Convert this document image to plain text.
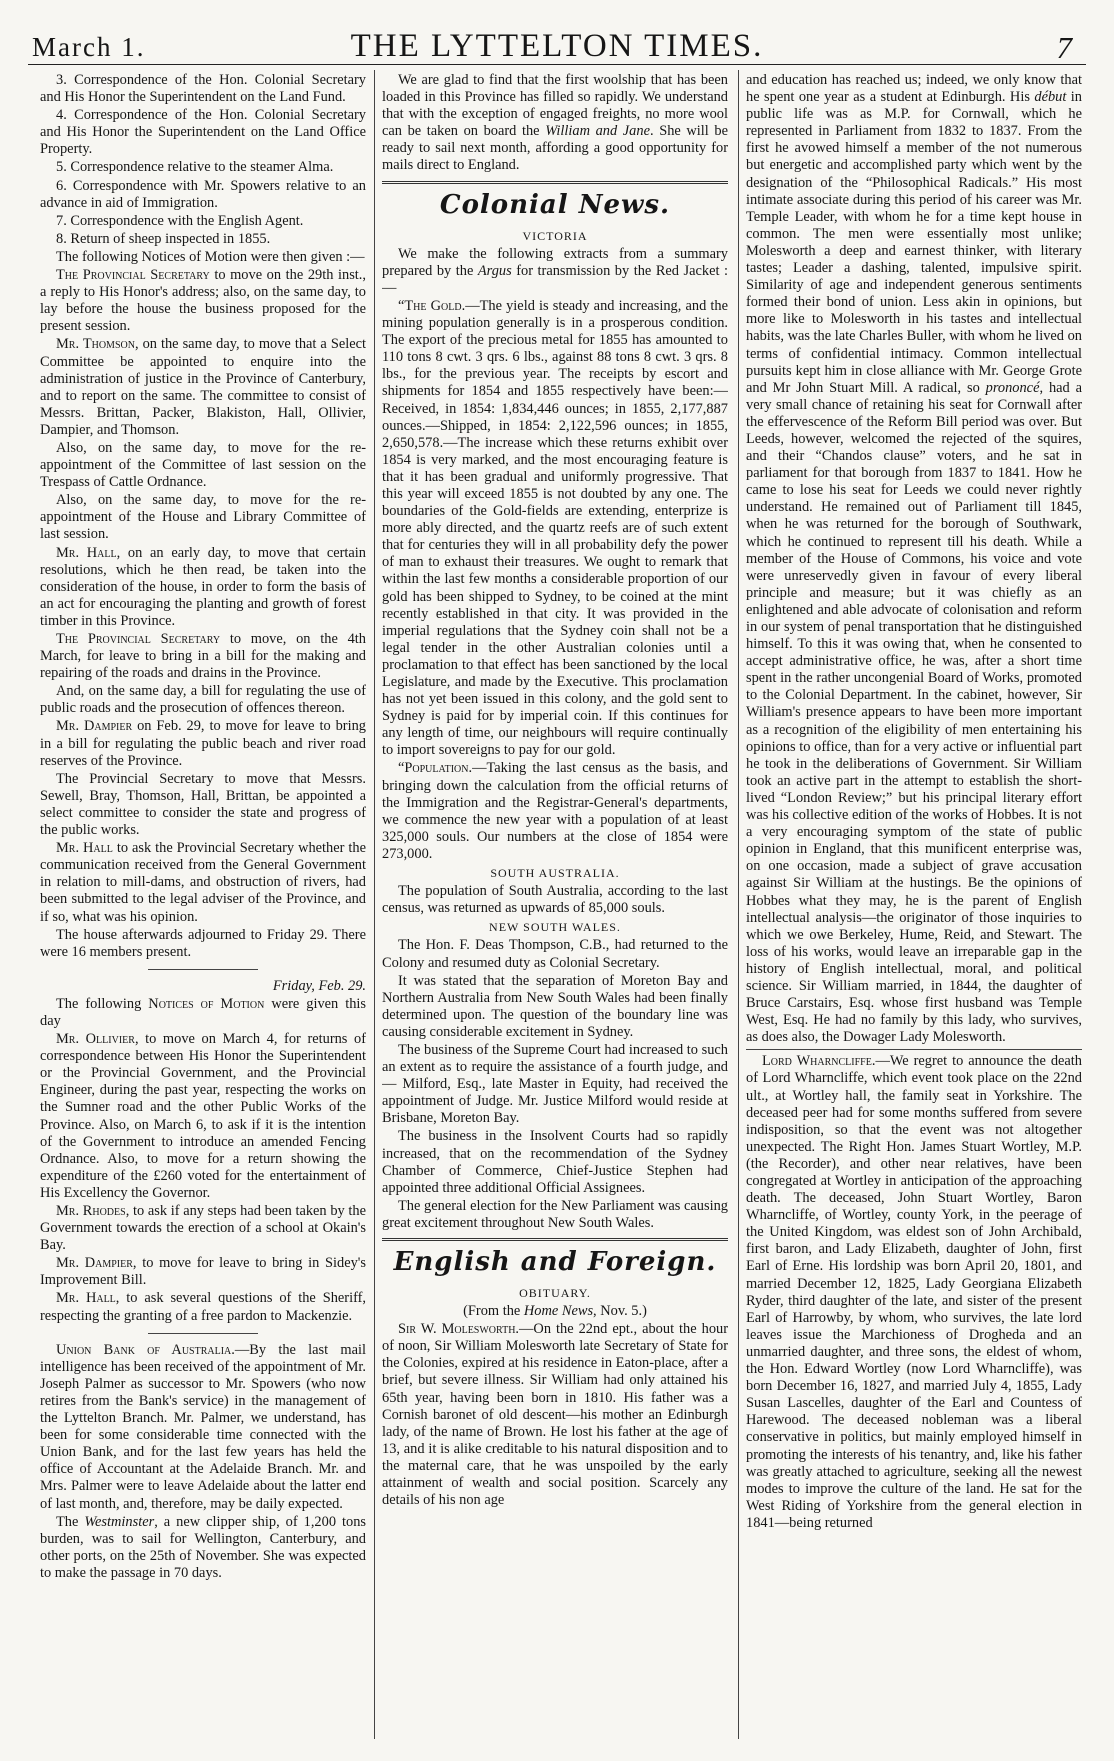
March 1.	THE LYTTELTON TIMES.	7

3. Correspondence of the Hon. Colonial Secretary and His Honor the Superintendent on the Land Fund.

4. Correspondence of the Hon. Colonial Secretary and His Honor the Superintendent on the Land Office Property.

5. Correspondence relative to the steamer Alma.

6. Correspondence with Mr. Spowers relative to an advance in aid of Immigration.

7. Correspondence with the English Agent.

8. Return of sheep inspected in 1855.

The following Notices of Motion were then given :—

The Provincial Secretary to move on the 29th inst., a reply to His Honor's address; also, on the same day, to lay before the house the business proposed for the present session.

Mr. Thomson, on the same day, to move that a Select Committee be appointed to enquire into the administration of justice in the Province of Canterbury, and to report on the same. The committee to consist of Messrs. Brittan, Packer, Blakiston, Hall, Ollivier, Dampier, and Thomson.

Also, on the same day, to move for the re-appointment of the Committee of last session on the Trespass of Cattle Ordnance.

Also, on the same day, to move for the re-appointment of the House and Library Committee of last session.

Mr. Hall, on an early day, to move that certain resolutions, which he then read, be taken into the consideration of the house, in order to form the basis of an act for encouraging the planting and growth of forest timber in this Province.

The Provincial Secretary to move, on the 4th March, for leave to bring in a bill for the making and repairing of the roads and drains in the Province.

And, on the same day, a bill for regulating the use of public roads and the prosecution of offences thereon.

Mr. Dampier on Feb. 29, to move for leave to bring in a bill for regulating the public beach and river road reserves of the Province.

The Provincial Secretary to move that Messrs. Sewell, Bray, Thomson, Hall, Brittan, be appointed a select committee to consider the state and progress of the public works.

Mr. Hall to ask the Provincial Secretary whether the communication received from the General Government in relation to mill-dams, and obstruction of rivers, had been submitted to the legal adviser of the Province, and if so, what was his opinion.

The house afterwards adjourned to Friday 29. There were 16 members present.

Friday, Feb. 29.

The following Notices of Motion were given this day

Mr. Ollivier, to move on March 4, for returns of correspondence between His Honor the Superintendent or the Provincial Government, and the Provincial Engineer, during the past year, respecting the works on the Sumner road and the other Public Works of the Province. Also, on March 6, to ask if it is the intention of the Government to introduce an amended Fencing Ordnance. Also, to move for a return showing the expenditure of the £260 voted for the entertainment of His Excellency the Governor.

Mr. Rhodes, to ask if any steps had been taken by the Government towards the erection of a school at Okain's Bay.

Mr. Dampier, to move for leave to bring in Sidey's Improvement Bill.

Mr. Hall, to ask several questions of the Sheriff, respecting the granting of a free pardon to Mackenzie.

Union Bank of Australia.—By the last mail intelligence has been received of the appointment of Mr. Joseph Palmer as successor to Mr. Spowers (who now retires from the Bank's service) in the management of the Lyttelton Branch. Mr. Palmer, we understand, has been for some considerable time connected with the Union Bank, and for the last few years has held the office of Accountant at the Adelaide Branch. Mr. and Mrs. Palmer were to leave Adelaide about the latter end of last month, and, therefore, may be daily expected.

The Westminster, a new clipper ship, of 1,200 tons burden, was to sail for Wellington, Canterbury, and other ports, on the 25th of November. She was expected to make the passage in 70 days.

We are glad to find that the first woolship that has been loaded in this Province has filled so rapidly. We understand that with the exception of engaged freights, no more wool can be taken on board the William and Jane. She will be ready to sail next month, affording a good opportunity for mails direct to England.

Colonial News.
VICTORIA

We make the following extracts from a summary prepared by the Argus for transmission by the Red Jacket :—

“The Gold.—The yield is steady and increasing, and the mining population generally is in a prosperous condition. The export of the precious metal for 1855 has amounted to 110 tons 8 cwt. 3 qrs. 6 lbs., against 88 tons 8 cwt. 3 qrs. 8 lbs., for the previous year. The receipts by escort and shipments for 1854 and 1855 respectively have been:—Received, in 1854: 1,834,446 ounces; in 1855, 2,177,887 ounces.—Shipped, in 1854: 2,122,596 ounces; in 1855, 2,650,578.—The increase which these returns exhibit over 1854 is very marked, and the most encouraging feature is that it has been gradual and uniformly progressive. That this year will exceed 1855 is not doubted by any one. The boundaries of the Gold-fields are extending, enterprize is more ably directed, and the quartz reefs are of such extent that for centuries they will in all probability defy the power of man to exhaust their treasures. We ought to remark that within the last few months a considerable proportion of our gold has been shipped to Sydney, to be coined at the mint recently established in that city. It was provided in the imperial regulations that the Sydney coin shall not be a legal tender in the other Australian colonies until a proclamation to that effect has been sanctioned by the local Legislature, and made by the Executive. This proclamation has not yet been issued in this colony, and the gold sent to Sydney is paid for by imperial coin. If this continues for any length of time, our neighbours will require continually to import sovereigns to pay for our gold.

“Population.—Taking the last census as the basis, and bringing down the calculation from the official returns of the Immigration and the Registrar-General's departments, we commence the new year with a population of at least 325,000 souls. Our numbers at the close of 1854 were 273,000.

SOUTH AUSTRALIA.

The population of South Australia, according to the last census, was returned as upwards of 85,000 souls.

NEW SOUTH WALES.

The Hon. F. Deas Thompson, C.B., had returned to the Colony and resumed duty as Colonial Secretary.

It was stated that the separation of Moreton Bay and Northern Australia from New South Wales had been finally determined upon. The question of the boundary line was causing considerable excitement in Sydney.

The business of the Supreme Court had increased to such an extent as to require the assistance of a fourth judge, and — Milford, Esq., late Master in Equity, had received the appointment of Judge. Mr. Justice Milford would reside at Brisbane, Moreton Bay.

The business in the Insolvent Courts had so rapidly increased, that on the recommendation of the Sydney Chamber of Commerce, Chief-Justice Stephen had appointed three additional Official Assignees.

The general election for the New Parliament was causing great excitement throughout New South Wales.

English and Foreign.
OBITUARY.

(From the Home News, Nov. 5.)

Sir W. Molesworth.—On the 22nd ept., about the hour of noon, Sir William Molesworth late Secretary of State for the Colonies, expired at his residence in Eaton-place, after a brief, but severe illness. Sir William had only attained his 65th year, having been born in 1810. His father was a Cornish baronet of old descent—his mother an Edinburgh lady, of the name of Brown. He lost his father at the age of 13, and it is alike creditable to his natural disposition and to the maternal care, that he was unspoiled by the early attainment of wealth and social position. Scarcely any details of his non age

and education has reached us; indeed, we only know that he spent one year as a student at Edinburgh. His début in public life was as M.P. for Cornwall, which he represented in Parliament from 1832 to 1837. From the first he avowed himself a member of the not numerous but energetic and accomplished party which went by the designation of the “Philosophical Radicals.” His most intimate associate during this period of his career was Mr. Temple Leader, with whom he for a time kept house in common. The men were essentially most unlike; Molesworth a deep and earnest thinker, with literary tastes; Leader a dashing, talented, impulsive spirit. Similarity of age and independent generous sentiments formed their bond of union. Less akin in opinions, but more like to Molesworth in his tastes and intellectual habits, was the late Charles Buller, with whom he lived on terms of confidential intimacy. Common intellectual pursuits kept him in close alliance with Mr. George Grote and Mr John Stuart Mill. A radical, so prononcé, had a very small chance of retaining his seat for Cornwall after the effervescence of the Reform Bill period was over. But Leeds, however, welcomed the rejected of the squires, and their “Chandos clause” voters, and he sat in parliament for that borough from 1837 to 1841. How he came to lose his seat for Leeds we could never rightly understand. He remained out of Parliament till 1845, when he was returned for the borough of Southwark, which he continued to represent till his death. While a member of the House of Commons, his voice and vote were unreservedly given in favour of every liberal principle and measure; but it was chiefly as an enlightened and able advocate of colonisation and reform in our system of penal transportation that he distinguished himself. To this it was owing that, when he consented to accept administrative office, he was, after a short time spent in the rather uncongenial Board of Works, promoted to the Colonial Department. In the cabinet, however, Sir William's presence appears to have been more important as a recognition of the eligibility of men entertaining his opinions to office, than for a very active or influential part he took in the deliberations of Government. Sir William took an active part in the attempt to establish the short-lived “London Review;” but his principal literary effort was his collective edition of the works of Hobbes. It is not a very encouraging symptom of the state of public opinion in England, that this munificent enterprise was, on one occasion, made a subject of grave accusation against Sir William at the hustings. Be the opinions of Hobbes what they may, he is the parent of English intellectual analysis—the originator of those inquiries to which we owe Berkeley, Hume, Reid, and Stewart. The loss of his works, would leave an irreparable gap in the history of English intellectual, moral, and political science. Sir William married, in 1844, the daughter of Bruce Carstairs, Esq. whose first husband was Temple West, Esq. He had no family by this lady, who survives, as does also, the Dowager Lady Molesworth.

Lord Wharncliffe.—We regret to announce the death of Lord Wharncliffe, which event took place on the 22nd ult., at Wortley hall, the family seat in Yorkshire. The deceased peer had for some months suffered from severe indisposition, so that the event was not altogether unexpected. The Right Hon. James Stuart Wortley, M.P. (the Recorder), and other near relatives, have been congregated at Wortley in anticipation of the approaching death. The deceased, John Stuart Wortley, Baron Wharncliffe, of Wortley, county York, in the peerage of the United Kingdom, was eldest son of John Archibald, first baron, and Lady Elizabeth, daughter of John, first Earl of Erne. His lordship was born April 20, 1801, and married December 12, 1825, Lady Georgiana Elizabeth Ryder, third daughter of the late, and sister of the present Earl of Harrowby, by whom, who survives, the late lord leaves issue the Marchioness of Drogheda and an unmarried daughter, and three sons, the eldest of whom, the Hon. Edward Wortley (now Lord Wharncliffe), was born December 16, 1827, and married July 4, 1855, Lady Susan Lascelles, daughter of the Earl and Countess of Harewood. The deceased nobleman was a liberal conservative in politics, but mainly employed himself in promoting the interests of his tenantry, and, like his father was greatly attached to agriculture, seeking all the newest modes to improve the culture of the land. He sat for the West Riding of Yorkshire from the general election in 1841—being returned
